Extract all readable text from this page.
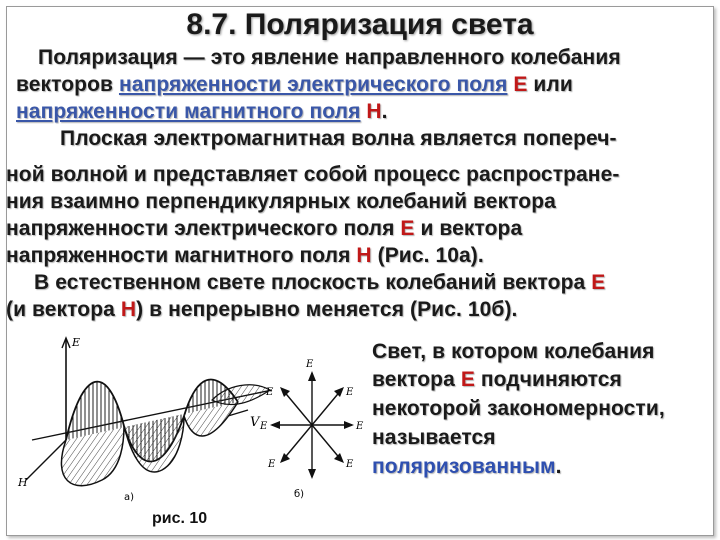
8.7. Поляризация света
Поляризация — это явление направленного колебания
векторов напряженности электрического поля Е или
напряженности магнитного поля Н.
Плоская электромагнитная волна является попереч-
ной волной и представляет собой процесс распростране-
ния взаимно перпендикулярных колебаний вектора
напряженности электрического поля Е и вектора
напряженности магнитного поля Н (Рис. 10а).
В естественном свете плоскость колебаний вектора Е
(и вектора Н) в непрерывно меняется (Рис. 10б).
Свет, в котором колебания
вектора Е подчиняются
некоторой закономерности,
называется
поляризованным.
V
E
H
а)
Е
Е
Е
Е	Е
Е	Е
б)
рис. 10
